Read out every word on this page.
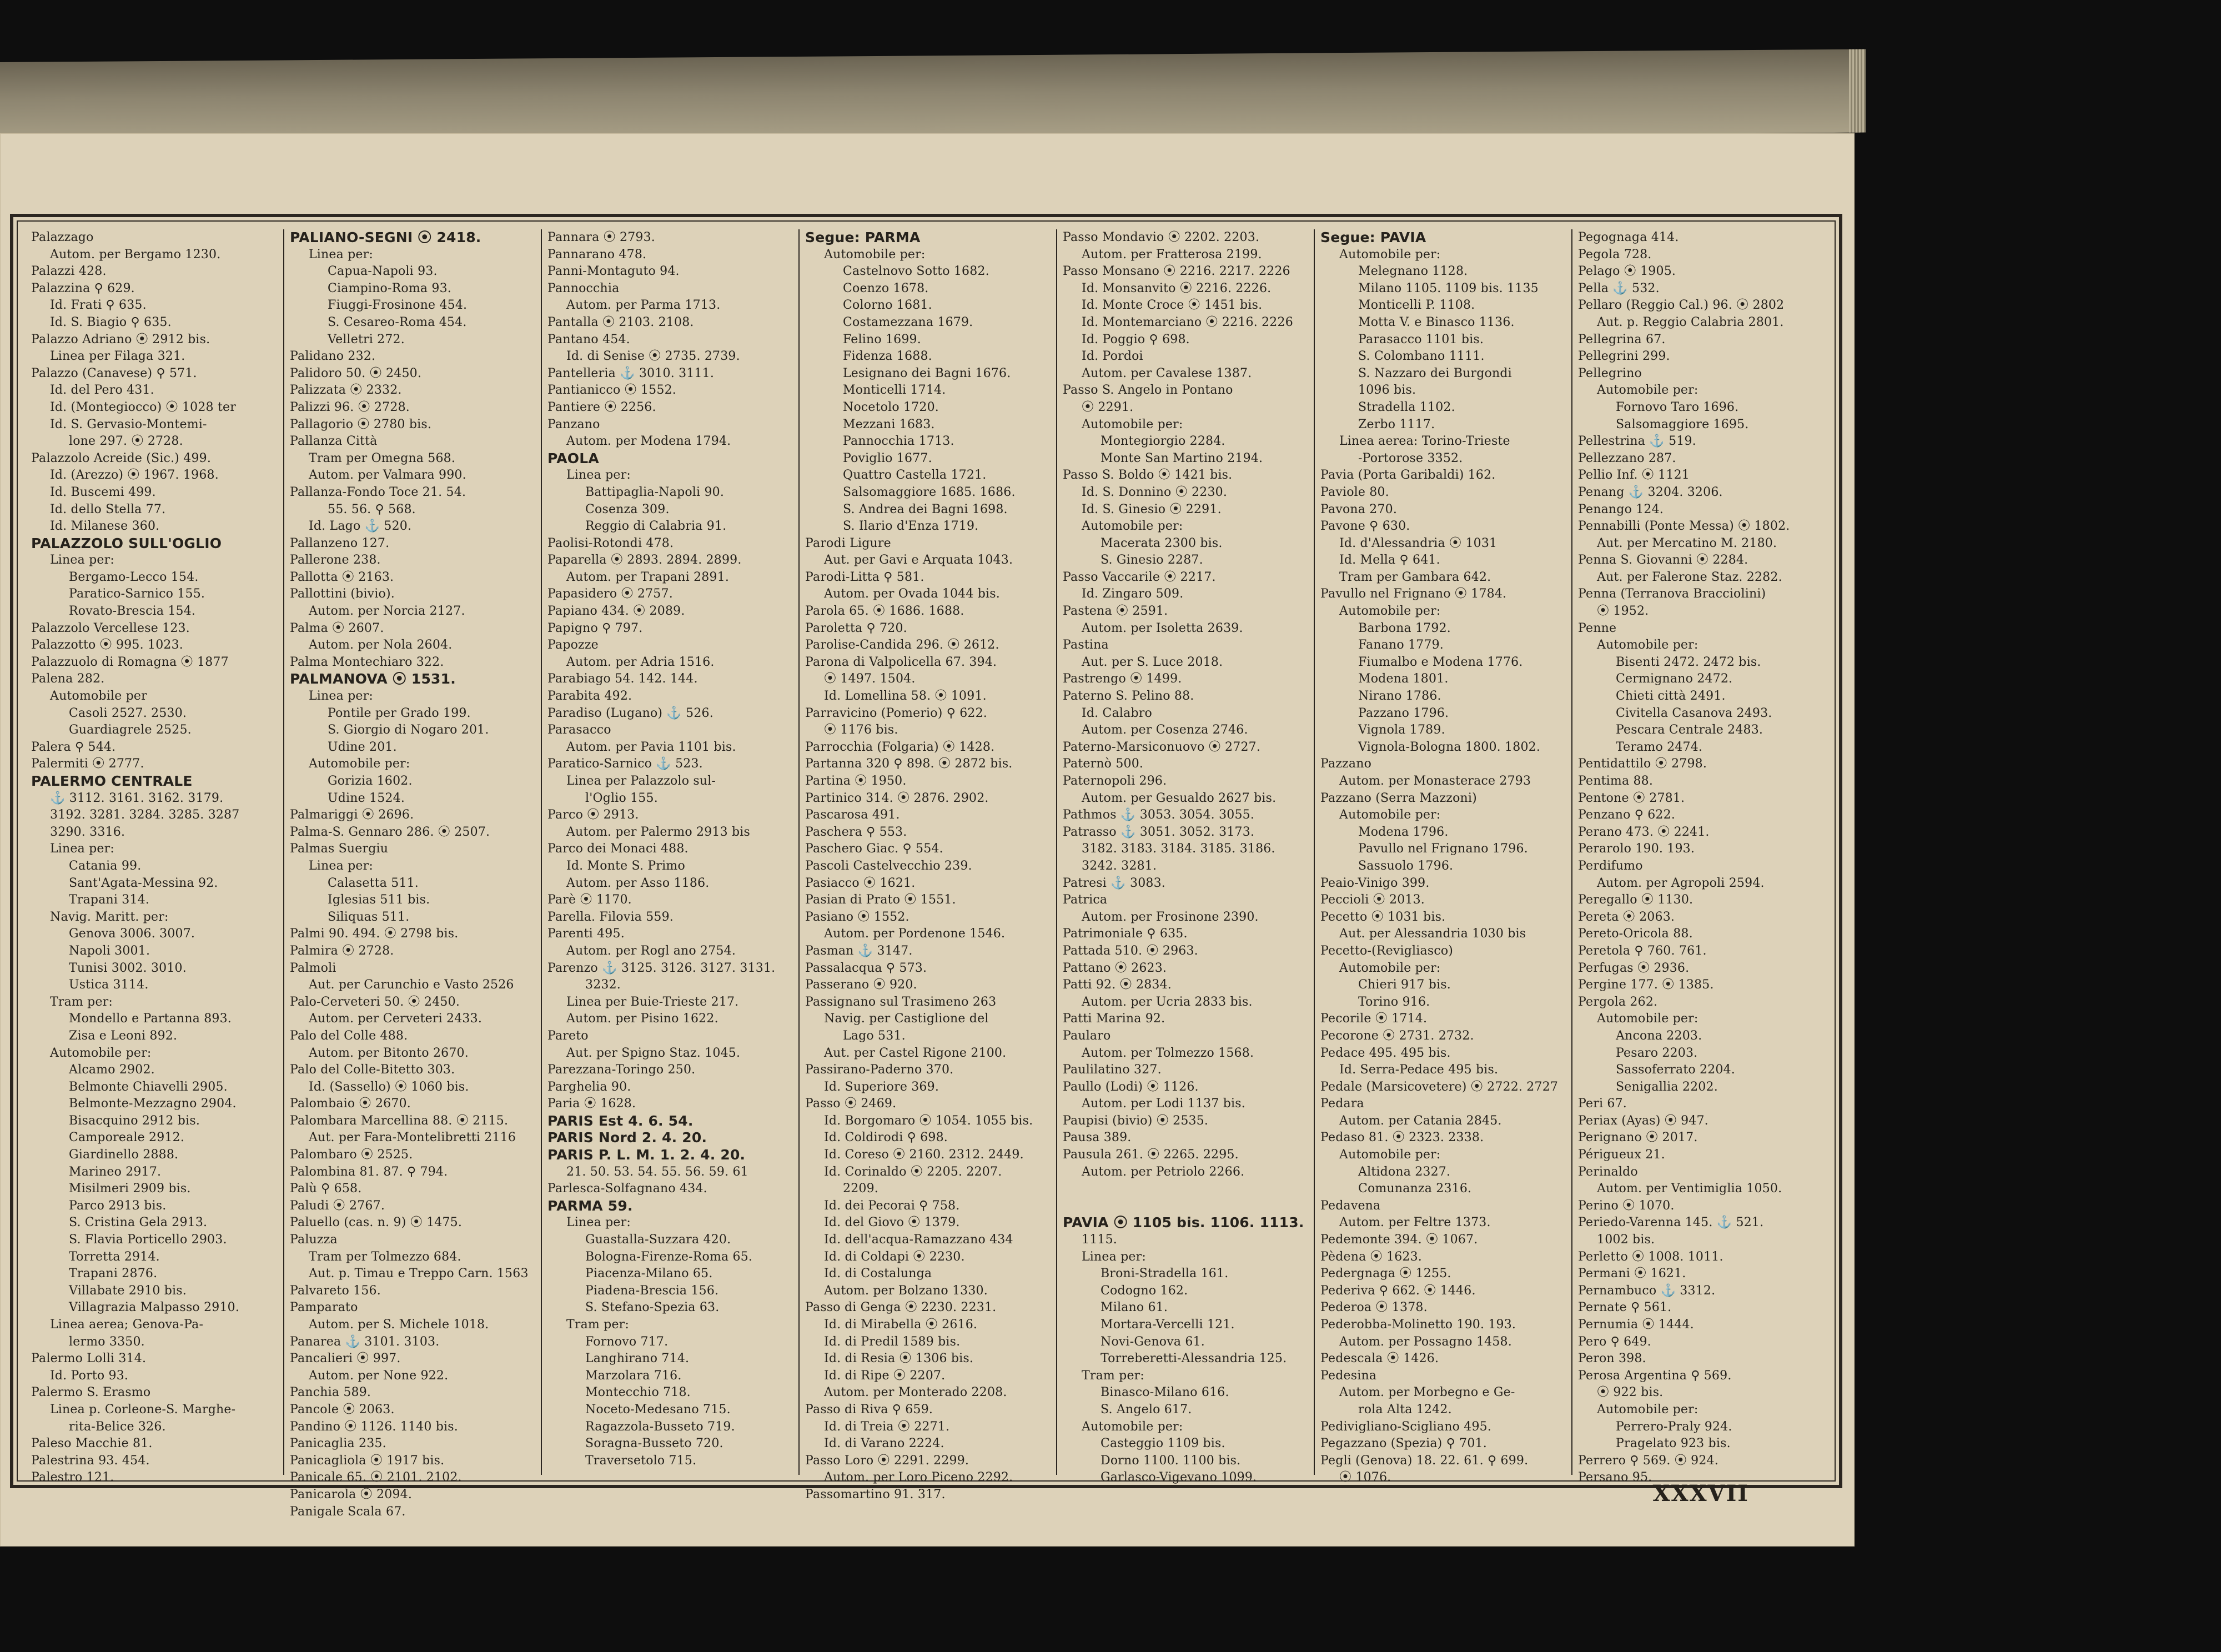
Palazzago
Autom. per Bergamo 1230.
Palazzi 428.
Palazzina ⚲ 629.
Id. Frati ⚲ 635.
Id. S. Biagio ⚲ 635.
Palazzo Adriano ⦿ 2912 bis.
Linea per Filaga 321.
Palazzo (Canavese) ⚲ 571.
Id. del Pero 431.
Id. (Montegiocco) ⦿ 1028 ter
Id. S. Gervasio-Montemi-
lone 297. ⦿ 2728.
Palazzolo Acreide (Sic.) 499.
Id. (Arezzo) ⦿ 1967. 1968.
Id. Buscemi 499.
Id. dello Stella 77.
Id. Milanese 360.
PALAZZOLO SULL'OGLIO
Linea per:
Bergamo-Lecco 154.
Paratico-Sarnico 155.
Rovato-Brescia 154.
Palazzolo Vercellese 123.
Palazzotto ⦿ 995. 1023.
Palazzuolo di Romagna ⦿ 1877
Palena 282.
Automobile per
Casoli 2527. 2530.
Guardiagrele 2525.
Palera ⚲ 544.
Palermiti ⦿ 2777.
PALERMO CENTRALE
⚓ 3112. 3161. 3162. 3179.
3192. 3281. 3284. 3285. 3287
3290. 3316.
Linea per:
Catania 99.
Sant'Agata-Messina 92.
Trapani 314.
Navig. Maritt. per:
Genova 3006. 3007.
Napoli 3001.
Tunisi 3002. 3010.
Ustica 3114.
Tram per:
Mondello e Partanna 893.
Zisa e Leoni 892.
Automobile per:
Alcamo 2902.
Belmonte Chiavelli 2905.
Belmonte-Mezzagno 2904.
Bisacquino 2912 bis.
Camporeale 2912.
Giardinello 2888.
Marineo 2917.
Misilmeri 2909 bis.
Parco 2913 bis.
S. Cristina Gela 2913.
S. Flavia Porticello 2903.
Torretta 2914.
Trapani 2876.
Villabate 2910 bis.
Villagrazia Malpasso 2910.
Linea aerea; Genova-Pa-
lermo 3350.
Palermo Lolli 314.
Id. Porto 93.
Palermo S. Erasmo
Linea p. Corleone-S. Marghe-
rita-Belice 326.
Paleso Macchie 81.
Palestrina 93. 454.
Palestro 121.
PALIANO-SEGNI ⦿ 2418.
Linea per:
Capua-Napoli 93.
Ciampino-Roma 93.
Fiuggi-Frosinone 454.
S. Cesareo-Roma 454.
Velletri 272.
Palidano 232.
Palidoro 50. ⦿ 2450.
Palizzata ⦿ 2332.
Palizzi 96. ⦿ 2728.
Pallagorio ⦿ 2780 bis.
Pallanza Città
Tram per Omegna 568.
Autom. per Valmara 990.
Pallanza-Fondo Toce 21. 54.
55. 56. ⚲ 568.
Id. Lago ⚓ 520.
Pallanzeno 127.
Pallerone 238.
Pallotta ⦿ 2163.
Pallottini (bivio).
Autom. per Norcia 2127.
Palma ⦿ 2607.
Autom. per Nola 2604.
Palma Montechiaro 322.
PALMANOVA ⦿ 1531.
Linea per:
Pontile per Grado 199.
S. Giorgio di Nogaro 201.
Udine 201.
Automobile per:
Gorizia 1602.
Udine 1524.
Palmariggi ⦿ 2696.
Palma-S. Gennaro 286. ⦿ 2507.
Palmas Suergiu
Linea per:
Calasetta 511.
Iglesias 511 bis.
Siliquas 511.
Palmi 90. 494. ⦿ 2798 bis.
Palmira ⦿ 2728.
Palmoli
Aut. per Carunchio e Vasto 2526
Palo-Cerveteri 50. ⦿ 2450.
Autom. per Cerveteri 2433.
Palo del Colle 488.
Autom. per Bitonto 2670.
Palo del Colle-Bitetto 303.
Id. (Sassello) ⦿ 1060 bis.
Palombaio ⦿ 2670.
Palombara Marcellina 88. ⦿ 2115.
Aut. per Fara-Montelibretti 2116
Palombaro ⦿ 2525.
Palombina 81. 87. ⚲ 794.
Palù ⚲ 658.
Paludi ⦿ 2767.
Paluello (cas. n. 9) ⦿ 1475.
Paluzza
Tram per Tolmezzo 684.
Aut. p. Timau e Treppo Carn. 1563
Palvareto 156.
Pamparato
Autom. per S. Michele 1018.
Panarea ⚓ 3101. 3103.
Pancalieri ⦿ 997.
Autom. per None 922.
Panchia 589.
Pancole ⦿ 2063.
Pandino ⦿ 1126. 1140 bis.
Panicaglia 235.
Panicagliola ⦿ 1917 bis.
Panicale 65. ⦿ 2101. 2102.
Panicarola ⦿ 2094.
Panigale Scala 67.
Pannara ⦿ 2793.
Pannarano 478.
Panni-Montaguto 94.
Pannocchia
Autom. per Parma 1713.
Pantalla ⦿ 2103. 2108.
Pantano 454.
Id. di Senise ⦿ 2735. 2739.
Pantelleria ⚓ 3010. 3111.
Pantianicco ⦿ 1552.
Pantiere ⦿ 2256.
Panzano
Autom. per Modena 1794.
PAOLA
Linea per:
Battipaglia-Napoli 90.
Cosenza 309.
Reggio di Calabria 91.
Paolisi-Rotondi 478.
Paparella ⦿ 2893. 2894. 2899.
Autom. per Trapani 2891.
Papasidero ⦿ 2757.
Papiano 434. ⦿ 2089.
Papigno ⚲ 797.
Papozze
Autom. per Adria 1516.
Parabiago 54. 142. 144.
Parabita 492.
Paradiso (Lugano) ⚓ 526.
Parasacco
Autom. per Pavia 1101 bis.
Paratico-Sarnico ⚓ 523.
Linea per Palazzolo sul-
l'Oglio 155.
Parco ⦿ 2913.
Autom. per Palermo 2913 bis
Parco dei Monaci 488.
Id. Monte S. Primo
Autom. per Asso 1186.
Parè ⦿ 1170.
Parella. Filovia 559.
Parenti 495.
Autom. per Rogl ano 2754.
Parenzo ⚓ 3125. 3126. 3127. 3131.
3232.
Linea per Buie-Trieste 217.
Autom. per Pisino 1622.
Pareto
Aut. per Spigno Staz. 1045.
Parezzana-Toringo 250.
Parghelia 90.
Paria ⦿ 1628.
PARIS Est 4. 6. 54.
PARIS Nord 2. 4. 20.
PARIS P. L. M. 1. 2. 4. 20.
21. 50. 53. 54. 55. 56. 59. 61
Parlesca-Solfagnano 434.
PARMA 59.
Linea per:
Guastalla-Suzzara 420.
Bologna-Firenze-Roma 65.
Piacenza-Milano 65.
Piadena-Brescia 156.
S. Stefano-Spezia 63.
Tram per:
Fornovo 717.
Langhirano 714.
Marzolara 716.
Montecchio 718.
Noceto-Medesano 715.
Ragazzola-Busseto 719.
Soragna-Busseto 720.
Traversetolo 715.
Segue: PARMA
Automobile per:
Castelnovo Sotto 1682.
Coenzo 1678.
Colorno 1681.
Costamezzana 1679.
Felino 1699.
Fidenza 1688.
Lesignano dei Bagni 1676.
Monticelli 1714.
Nocetolo 1720.
Mezzani 1683.
Pannocchia 1713.
Poviglio 1677.
Quattro Castella 1721.
Salsomaggiore 1685. 1686.
S. Andrea dei Bagni 1698.
S. Ilario d'Enza 1719.
Parodi Ligure
Aut. per Gavi e Arquata 1043.
Parodi-Litta ⚲ 581.
Autom. per Ovada 1044 bis.
Parola 65. ⦿ 1686. 1688.
Paroletta ⚲ 720.
Parolise-Candida 296. ⦿ 2612.
Parona di Valpolicella 67. 394.
⦿ 1497. 1504.
Id. Lomellina 58. ⦿ 1091.
Parravicino (Pomerio) ⚲ 622.
⦿ 1176 bis.
Parrocchia (Folgaria) ⦿ 1428.
Partanna 320 ⚲ 898. ⦿ 2872 bis.
Partina ⦿ 1950.
Partinico 314. ⦿ 2876. 2902.
Pascarosa 491.
Paschera ⚲ 553.
Paschero Giac. ⚲ 554.
Pascoli Castelvecchio 239.
Pasiacco ⦿ 1621.
Pasian di Prato ⦿ 1551.
Pasiano ⦿ 1552.
Autom. per Pordenone 1546.
Pasman ⚓ 3147.
Passalacqua ⚲ 573.
Passerano ⦿ 920.
Passignano sul Trasimeno 263
Navig. per Castiglione del
Lago 531.
Aut. per Castel Rigone 2100.
Passirano-Paderno 370.
Id. Superiore 369.
Passo ⦿ 2469.
Id. Borgomaro ⦿ 1054. 1055 bis.
Id. Coldirodi ⚲ 698.
Id. Coreso ⦿ 2160. 2312. 2449.
Id. Corinaldo ⦿ 2205. 2207.
2209.
Id. dei Pecorai ⚲ 758.
Id. del Giovo ⦿ 1379.
Id. dell'acqua-Ramazzano 434
Id. di Coldapi ⦿ 2230.
Id. di Costalunga
Autom. per Bolzano 1330.
Passo di Genga ⦿ 2230. 2231.
Id. di Mirabella ⦿ 2616.
Id. di Predil 1589 bis.
Id. di Resia ⦿ 1306 bis.
Id. di Ripe ⦿ 2207.
Autom. per Monterado 2208.
Passo di Riva ⚲ 659.
Id. di Treia ⦿ 2271.
Id. di Varano 2224.
Passo Loro ⦿ 2291. 2299.
Autom. per Loro Piceno 2292.
Passomartino 91. 317.
Passo Mondavio ⦿ 2202. 2203.
Autom. per Fratterosa 2199.
Passo Monsano ⦿ 2216. 2217. 2226
Id. Monsanvito ⦿ 2216. 2226.
Id. Monte Croce ⦿ 1451 bis.
Id. Montemarciano ⦿ 2216. 2226
Id. Poggio ⚲ 698.
Id. Pordoi
Autom. per Cavalese 1387.
Passo S. Angelo in Pontano
⦿ 2291.
Automobile per:
Montegiorgio 2284.
Monte San Martino 2194.
Passo S. Boldo ⦿ 1421 bis.
Id. S. Donnino ⦿ 2230.
Id. S. Ginesio ⦿ 2291.
Automobile per:
Macerata 2300 bis.
S. Ginesio 2287.
Passo Vaccarile ⦿ 2217.
Id. Zingaro 509.
Pastena ⦿ 2591.
Autom. per Isoletta 2639.
Pastina
Aut. per S. Luce 2018.
Pastrengo ⦿ 1499.
Paterno S. Pelino 88.
Id. Calabro
Autom. per Cosenza 2746.
Paterno-Marsiconuovo ⦿ 2727.
Paternò 500.
Paternopoli 296.
Autom. per Gesualdo 2627 bis.
Pathmos ⚓ 3053. 3054. 3055.
Patrasso ⚓ 3051. 3052. 3173.
3182. 3183. 3184. 3185. 3186.
3242. 3281.
Patresi ⚓ 3083.
Patrica
Autom. per Frosinone 2390.
Patrimoniale ⚲ 635.
Pattada 510. ⦿ 2963.
Pattano ⦿ 2623.
Patti 92. ⦿ 2834.
Autom. per Ucria 2833 bis.
Patti Marina 92.
Paularo
Autom. per Tolmezzo 1568.
Paulilatino 327.
Paullo (Lodi) ⦿ 1126.
Autom. per Lodi 1137 bis.
Paupisi (bivio) ⦿ 2535.
Pausa 389.
Pausula 261. ⦿ 2265. 2295.
Autom. per Petriolo 2266.

PAVIA ⦿ 1105 bis. 1106. 1113.
1115.
Linea per:
Broni-Stradella 161.
Codogno 162.
Milano 61.
Mortara-Vercelli 121.
Novi-Genova 61.
Torreberetti-Alessandria 125.
Tram per:
Binasco-Milano 616.
S. Angelo 617.
Automobile per:
Casteggio 1109 bis.
Dorno 1100. 1100 bis.
Garlasco-Vigevano 1099.
Segue: PAVIA
Automobile per:
Melegnano 1128.
Milano 1105. 1109 bis. 1135
Monticelli P. 1108.
Motta V. e Binasco 1136.
Parasacco 1101 bis.
S. Colombano 1111.
S. Nazzaro dei Burgondi
1096 bis.
Stradella 1102.
Zerbo 1117.
Linea aerea: Torino-Trieste
-Portorose 3352.
Pavia (Porta Garibaldi) 162.
Paviole 80.
Pavona 270.
Pavone ⚲ 630.
Id. d'Alessandria ⦿ 1031
Id. Mella ⚲ 641.
Tram per Gambara 642.
Pavullo nel Frignano ⦿ 1784.
Automobile per:
Barbona 1792.
Fanano 1779.
Fiumalbo e Modena 1776.
Modena 1801.
Nirano 1786.
Pazzano 1796.
Vignola 1789.
Vignola-Bologna 1800. 1802.
Pazzano
Autom. per Monasterace 2793
Pazzano (Serra Mazzoni)
Automobile per:
Modena 1796.
Pavullo nel Frignano 1796.
Sassuolo 1796.
Peaio-Vinigo 399.
Peccioli ⦿ 2013.
Pecetto ⦿ 1031 bis.
Aut. per Alessandria 1030 bis
Pecetto-(Revigliasco)
Automobile per:
Chieri 917 bis.
Torino 916.
Pecorile ⦿ 1714.
Pecorone ⦿ 2731. 2732.
Pedace 495. 495 bis.
Id. Serra-Pedace 495 bis.
Pedale (Marsicovetere) ⦿ 2722. 2727
Pedara
Autom. per Catania 2845.
Pedaso 81. ⦿ 2323. 2338.
Automobile per:
Altidona 2327.
Comunanza 2316.
Pedavena
Autom. per Feltre 1373.
Pedemonte 394. ⦿ 1067.
Pèdena ⦿ 1623.
Pedergnaga ⦿ 1255.
Pederiva ⚲ 662. ⦿ 1446.
Pederoa ⦿ 1378.
Pederobba-Molinetto 190. 193.
Autom. per Possagno 1458.
Pedescala ⦿ 1426.
Pedesina
Autom. per Morbegno e Ge-
rola Alta 1242.
Pedivigliano-Scigliano 495.
Pegazzano (Spezia) ⚲ 701.
Pegli (Genova) 18. 22. 61. ⚲ 699.
⦿ 1076.
Pegognaga 414.
Pegola 728.
Pelago ⦿ 1905.
Pella ⚓ 532.
Pellaro (Reggio Cal.) 96. ⦿ 2802
Aut. p. Reggio Calabria 2801.
Pellegrina 67.
Pellegrini 299.
Pellegrino
Automobile per:
Fornovo Taro 1696.
Salsomaggiore 1695.
Pellestrina ⚓ 519.
Pellezzano 287.
Pellio Inf. ⦿ 1121
Penang ⚓ 3204. 3206.
Penango 124.
Pennabilli (Ponte Messa) ⦿ 1802.
Aut. per Mercatino M. 2180.
Penna S. Giovanni ⦿ 2284.
Aut. per Falerone Staz. 2282.
Penna (Terranova Bracciolini)
⦿ 1952.
Penne
Automobile per:
Bisenti 2472. 2472 bis.
Cermignano 2472.
Chieti città 2491.
Civitella Casanova 2493.
Pescara Centrale 2483.
Teramo 2474.
Pentidattilo ⦿ 2798.
Pentima 88.
Pentone ⦿ 2781.
Penzano ⚲ 622.
Perano 473. ⦿ 2241.
Perarolo 190. 193.
Perdifumo
Autom. per Agropoli 2594.
Peregallo ⦿ 1130.
Pereta ⦿ 2063.
Pereto-Oricola 88.
Peretola ⚲ 760. 761.
Perfugas ⦿ 2936.
Pergine 177. ⦿ 1385.
Pergola 262.
Automobile per:
Ancona 2203.
Pesaro 2203.
Sassoferrato 2204.
Senigallia 2202.
Peri 67.
Periax (Ayas) ⦿ 947.
Perignano ⦿ 2017.
Périgueux 21.
Perinaldo
Autom. per Ventimiglia 1050.
Perino ⦿ 1070.
Periedo-Varenna 145. ⚓ 521.
1002 bis.
Perletto ⦿ 1008. 1011.
Permani ⦿ 1621.
Pernambuco ⚓ 3312.
Pernate ⚲ 561.
Pernumia ⦿ 1444.
Pero ⚲ 649.
Peron 398.
Perosa Argentina ⚲ 569.
⦿ 922 bis.
Automobile per:
Perrero-Praly 924.
Pragelato 923 bis.
Perrero ⚲ 569. ⦿ 924.
Persano 95.
XXXVII
